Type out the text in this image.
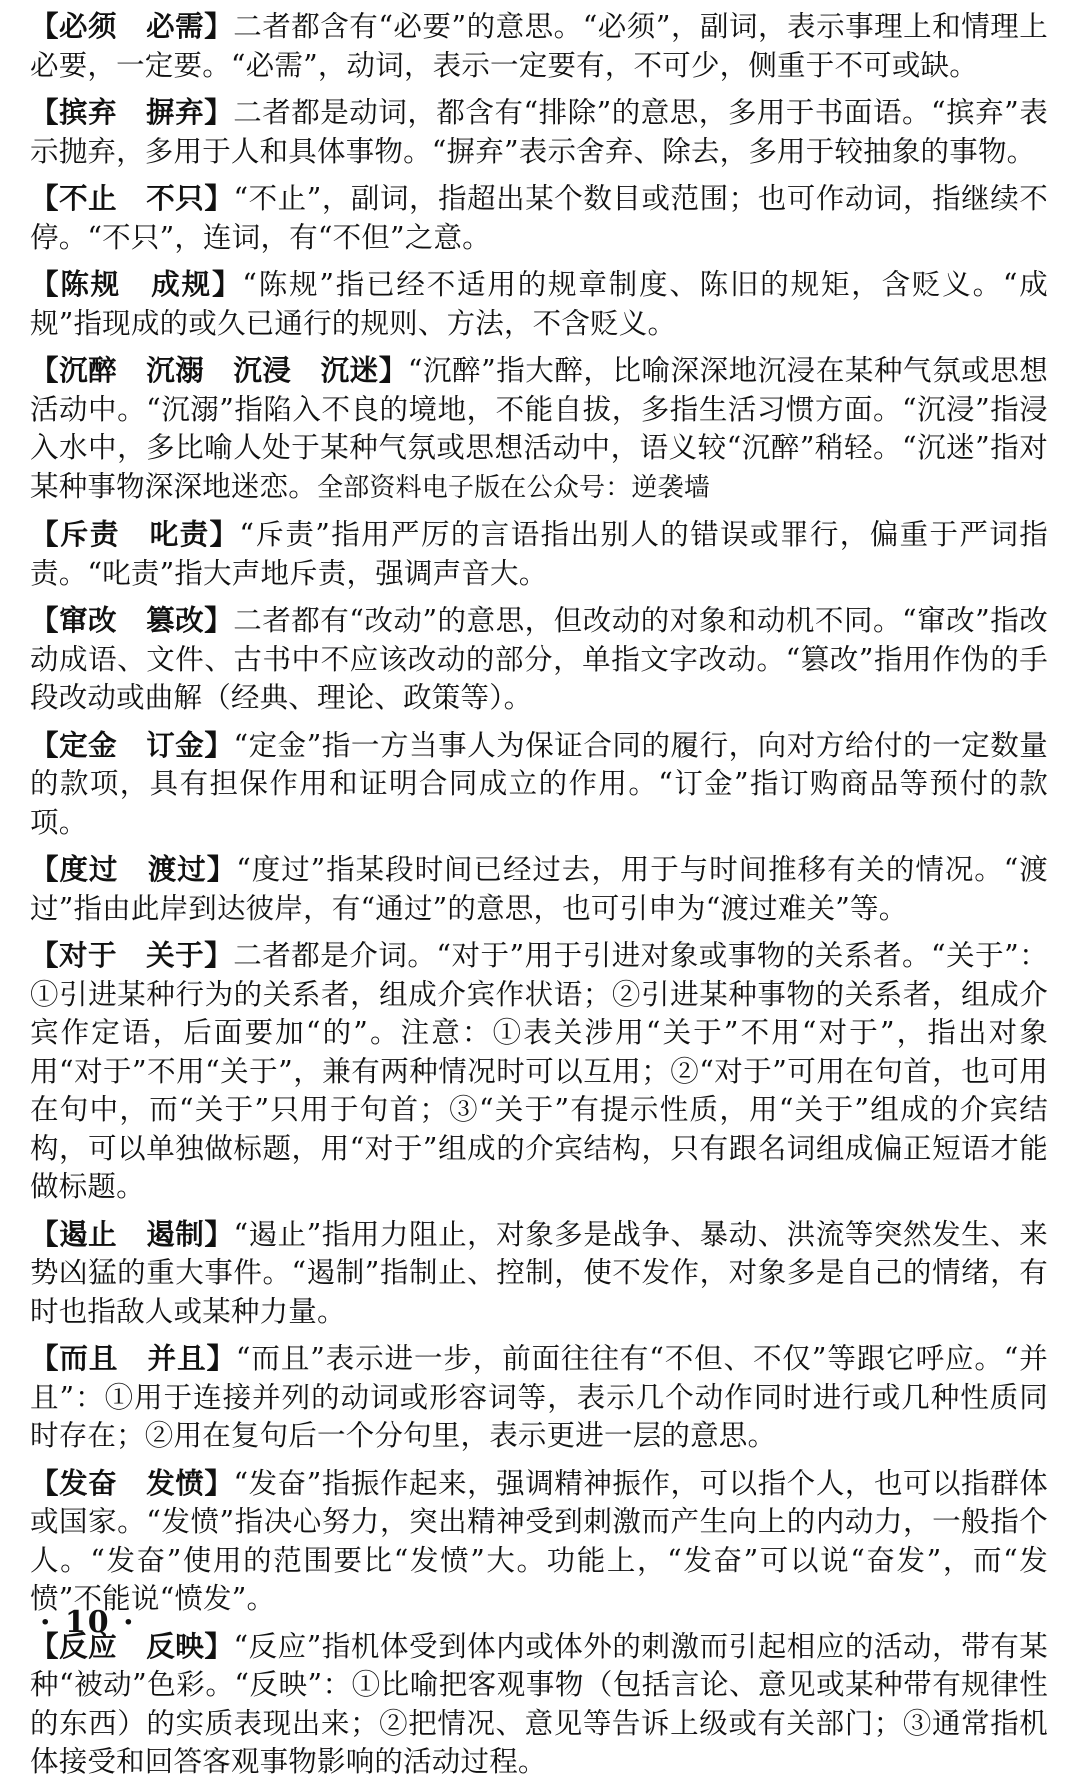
【必须　必需】二者都含有“必要”的意思。“必须”，副词，表示事理上和情理上必要，一定要。“必需”，动词，表示一定要有，不可少，侧重于不可或缺。

【摈弃　摒弃】二者都是动词，都含有“排除”的意思，多用于书面语。“摈弃”表示抛弃，多用于人和具体事物。“摒弃”表示舍弃、除去，多用于较抽象的事物。

【不止　不只】“不止”，副词，指超出某个数目或范围；也可作动词，指继续不停。“不只”，连词，有“不但”之意。

【陈规　成规】“陈规”指已经不适用的规章制度、陈旧的规矩，含贬义。“成规”指现成的或久已通行的规则、方法，不含贬义。

【沉醉　沉溺　沉浸　沉迷】“沉醉”指大醉，比喻深深地沉浸在某种气氛或思想活动中。“沉溺”指陷入不良的境地，不能自拔，多指生活习惯方面。“沉浸”指浸入水中，多比喻人处于某种气氛或思想活动中，语义较“沉醉”稍轻。“沉迷”指对某种事物深深地迷恋。全部资料电子版在公众号：逆袭墙

【斥责　叱责】“斥责”指用严厉的言语指出别人的错误或罪行，偏重于严词指责。“叱责”指大声地斥责，强调声音大。

【窜改　篡改】二者都有“改动”的意思，但改动的对象和动机不同。“窜改”指改动成语、文件、古书中不应该改动的部分，单指文字改动。“篡改”指用作伪的手段改动或曲解（经典、理论、政策等）。

【定金　订金】“定金”指一方当事人为保证合同的履行，向对方给付的一定数量的款项，具有担保作用和证明合同成立的作用。“订金”指订购商品等预付的款项。

【度过　渡过】“度过”指某段时间已经过去，用于与时间推移有关的情况。“渡过”指由此岸到达彼岸，有“通过”的意思，也可引申为“渡过难关”等。

【对于　关于】二者都是介词。“对于”用于引进对象或事物的关系者。“关于”：①引进某种行为的关系者，组成介宾作状语；②引进某种事物的关系者，组成介宾作定语，后面要加“的”。注意：①表关涉用“关于”不用“对于”，指出对象用“对于”不用“关于”，兼有两种情况时可以互用；②“对于”可用在句首，也可用在句中，而“关于”只用于句首；③“关于”有提示性质，用“关于”组成的介宾结构，可以单独做标题，用“对于”组成的介宾结构，只有跟名词组成偏正短语才能做标题。

【遏止　遏制】“遏止”指用力阻止，对象多是战争、暴动、洪流等突然发生、来势凶猛的重大事件。“遏制”指制止、控制，使不发作，对象多是自己的情绪，有时也指敌人或某种力量。

【而且　并且】“而且”表示进一步，前面往往有“不但、不仅”等跟它呼应。“并且”：①用于连接并列的动词或形容词等，表示几个动作同时进行或几种性质同时存在；②用在复句后一个分句里，表示更进一层的意思。

【发奋　发愤】“发奋”指振作起来，强调精神振作，可以指个人，也可以指群体或国家。“发愤”指决心努力，突出精神受到刺激而产生向上的内动力，一般指个人。“发奋”使用的范围要比“发愤”大。功能上，“发奋”可以说“奋发”，而“发愤”不能说“愤发”。

【反应　反映】“反应”指机体受到体内或体外的刺激而引起相应的活动，带有某种“被动”色彩。“反映”：①比喻把客观事物（包括言论、意见或某种带有规律性的东西）的实质表现出来；②把情况、意见等告诉上级或有关部门；③通常指机体接受和回答客观事物影响的活动过程。

· 10 ·
